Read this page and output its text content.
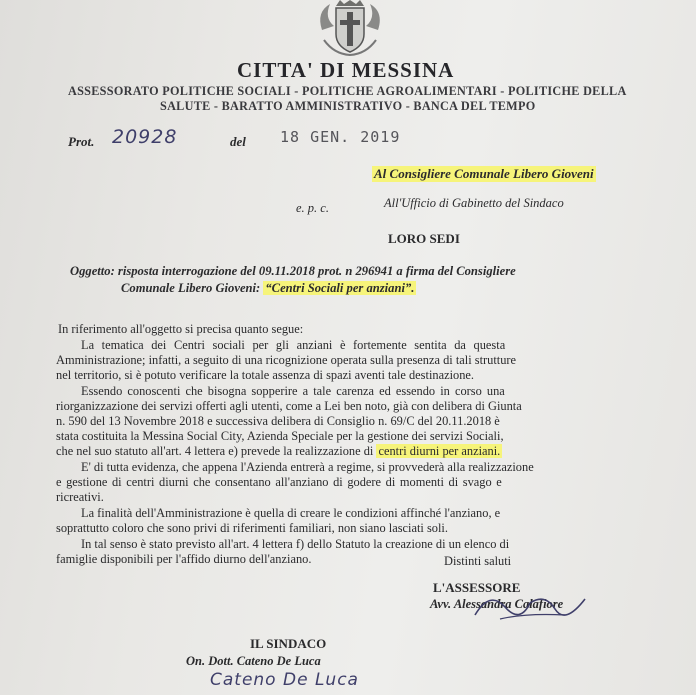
CITTA' DI MESSINA
ASSESSORATO POLITICHE SOCIALI - POLITICHE AGROALIMENTARI - POLITICHE DELLA
SALUTE - BARATTO AMMINISTRATIVO - BANCA DEL TEMPO
Prot. 20928	del 18 GEN. 2019
Al Consigliere Comunale Libero Gioveni
e. p. c.	All'Ufficio di Gabinetto del Sindaco
LORO SEDI
Oggetto: risposta interrogazione del 09.11.2018 prot. n 296941 a firma del Consigliere
Comunale Libero Gioveni: “Centri Sociali per anziani”.
In riferimento all'oggetto si precisa quanto segue:
La tematica dei Centri sociali per gli anziani è fortemente sentita da questa
Amministrazione; infatti, a seguito di una ricognizione operata sulla presenza di tali strutture
nel territorio, si è potuto verificare la totale assenza di spazi aventi tale destinazione.
Essendo conoscenti che bisogna sopperire a tale carenza ed essendo in corso una
riorganizzazione dei servizi offerti agli utenti, come a Lei ben noto, già con delibera di Giunta
n. 590 del 13 Novembre 2018 e successiva delibera di Consiglio n. 69/C del 20.11.2018 è
stata costituita la Messina Social City, Azienda Speciale per la gestione dei servizi Sociali,
che nel suo statuto all'art. 4 lettera e) prevede la realizzazione di centri diurni per anziani.
E' di tutta evidenza, che appena l'Azienda entrerà a regime, si provvederà alla realizzazione
e gestione di centri diurni che consentano all'anziano di godere di momenti di svago e
ricreativi.
La finalità dell'Amministrazione è quella di creare le condizioni affinché l'anziano, e
soprattutto coloro che sono privi di riferimenti familiari, non siano lasciati soli.
In tal senso è stato previsto all'art. 4 lettera f) dello Statuto la creazione di un elenco di
famiglie disponibili per l'affido diurno dell'anziano.	Distinti saluti
L'ASSESSORE
Avv. Alessandra Calafiore
IL SINDACO
On. Dott. Cateno De Luca
Cateno De Luca
